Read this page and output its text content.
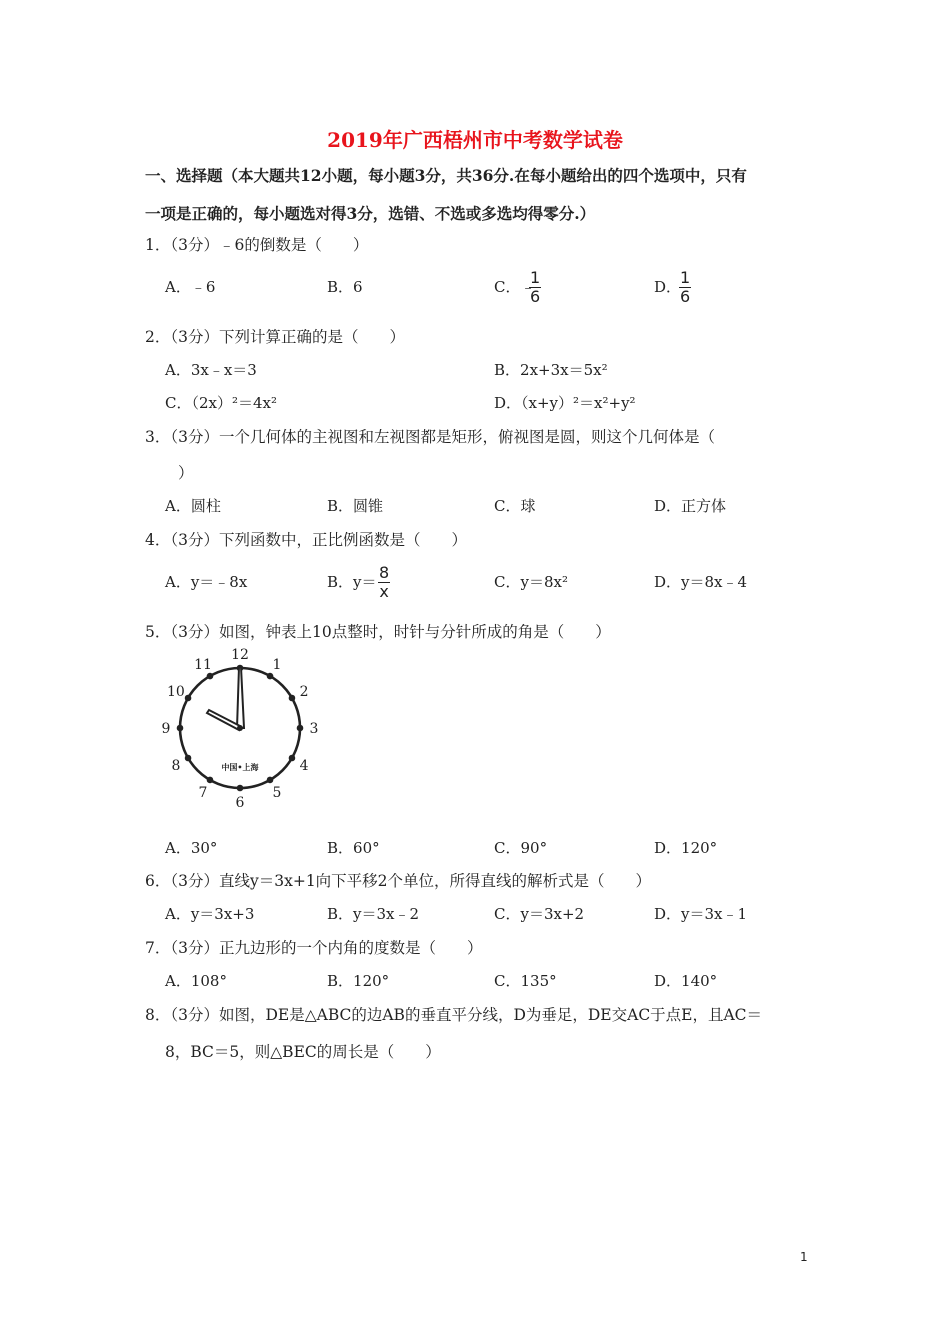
2019年广西梧州市中考数学试卷
一、选择题（本大题共12小题，每小题3分，共36分.在每小题给出的四个选项中，只有
一项是正确的，每小题选对得3分，选错、不选或多选均得零分.）
1．（3分）﹣6的倒数是（　　）
A．﹣6	B．6	C．﹣
1
6	D．
1
6
2．（3分）下列计算正确的是（　　）
A．3x﹣x＝3	B．2x+3x＝5x²
C．（2x）²＝4x²	D．（x+y）²＝x²+y²
3．（3分）一个几何体的主视图和左视图都是矩形，俯视图是圆，则这个几何体是（
）
A．圆柱	B．圆锥	C．球	D．正方体
4．（3分）下列函数中，正比例函数是（　　）
A．y＝﹣8x	B．y＝ 8
x	C．y＝8x²	D．y＝8x﹣4
5．（3分）如图，钟表上10点整时，时针与分针所成的角是（　　）
12
1
2
3
4
5
6
7
8
9
10
11
中国•上海
A．30°	B．60°	C．90°	D．120°
6．（3分）直线y＝3x+1向下平移2个单位，所得直线的解析式是（　　）
A．y＝3x+3	B．y＝3x﹣2	C．y＝3x+2	D．y＝3x﹣1
7．（3分）正九边形的一个内角的度数是（　　）
A．108°	B．120°	C．135°	D．140°
8．（3分）如图，DE是△ABC的边AB的垂直平分线，D为垂足，DE交AC于点E，且AC＝
8，BC＝5，则△BEC的周长是（　　）
1
